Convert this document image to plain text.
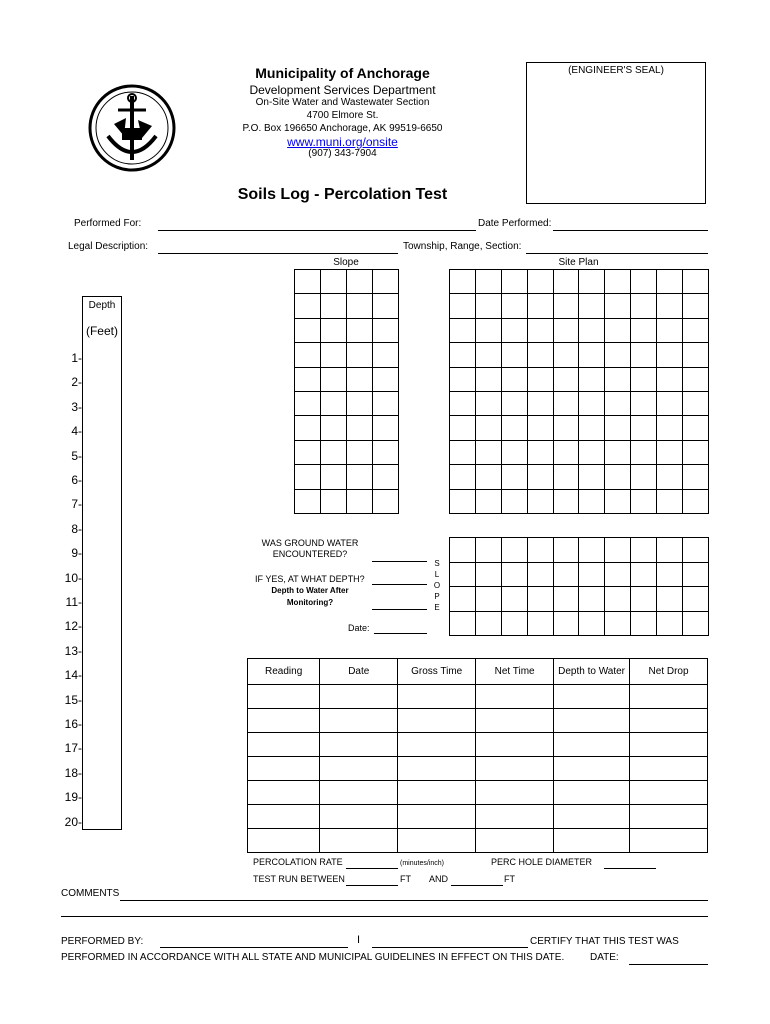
Municipality of Anchorage
Development Services Department
On-Site Water and Wastewater Section
4700 Elmore St.
P.O. Box 196650 Anchorage, AK 99519-6650
www.muni.org/onsite
(907) 343-7904
Soils Log - Percolation Test
(ENGINEER'S SEAL)
Performed For:	Date Performed:
Legal Description:	Township, Range, Section:
Slope	Site Plan
Depth
(Feet)
1-
2-
3-
4-
5-
6-
7-
8-
9-
10-
11-
12-
13-
14-
15-
16-
17-
18-
19-
20-
WAS GROUND WATER
ENCOUNTERED?
IF YES, AT WHAT DEPTH?
Depth to Water After
Monitoring?
Date:
S
L
O
P
E
Reading	Date	Gross Time	Net Time	Depth to Water	Net Drop

PERCOLATION RATE	(minutes/inch)	PERC HOLE DIAMETER
TEST RUN BETWEEN	FT AND	FT
COMMENTS
PERFORMED BY:	I	CERTIFY THAT THIS TEST WAS
PERFORMED IN ACCORDANCE WITH ALL STATE AND MUNICIPAL GUIDELINES IN EFFECT ON THIS DATE.	DATE:
